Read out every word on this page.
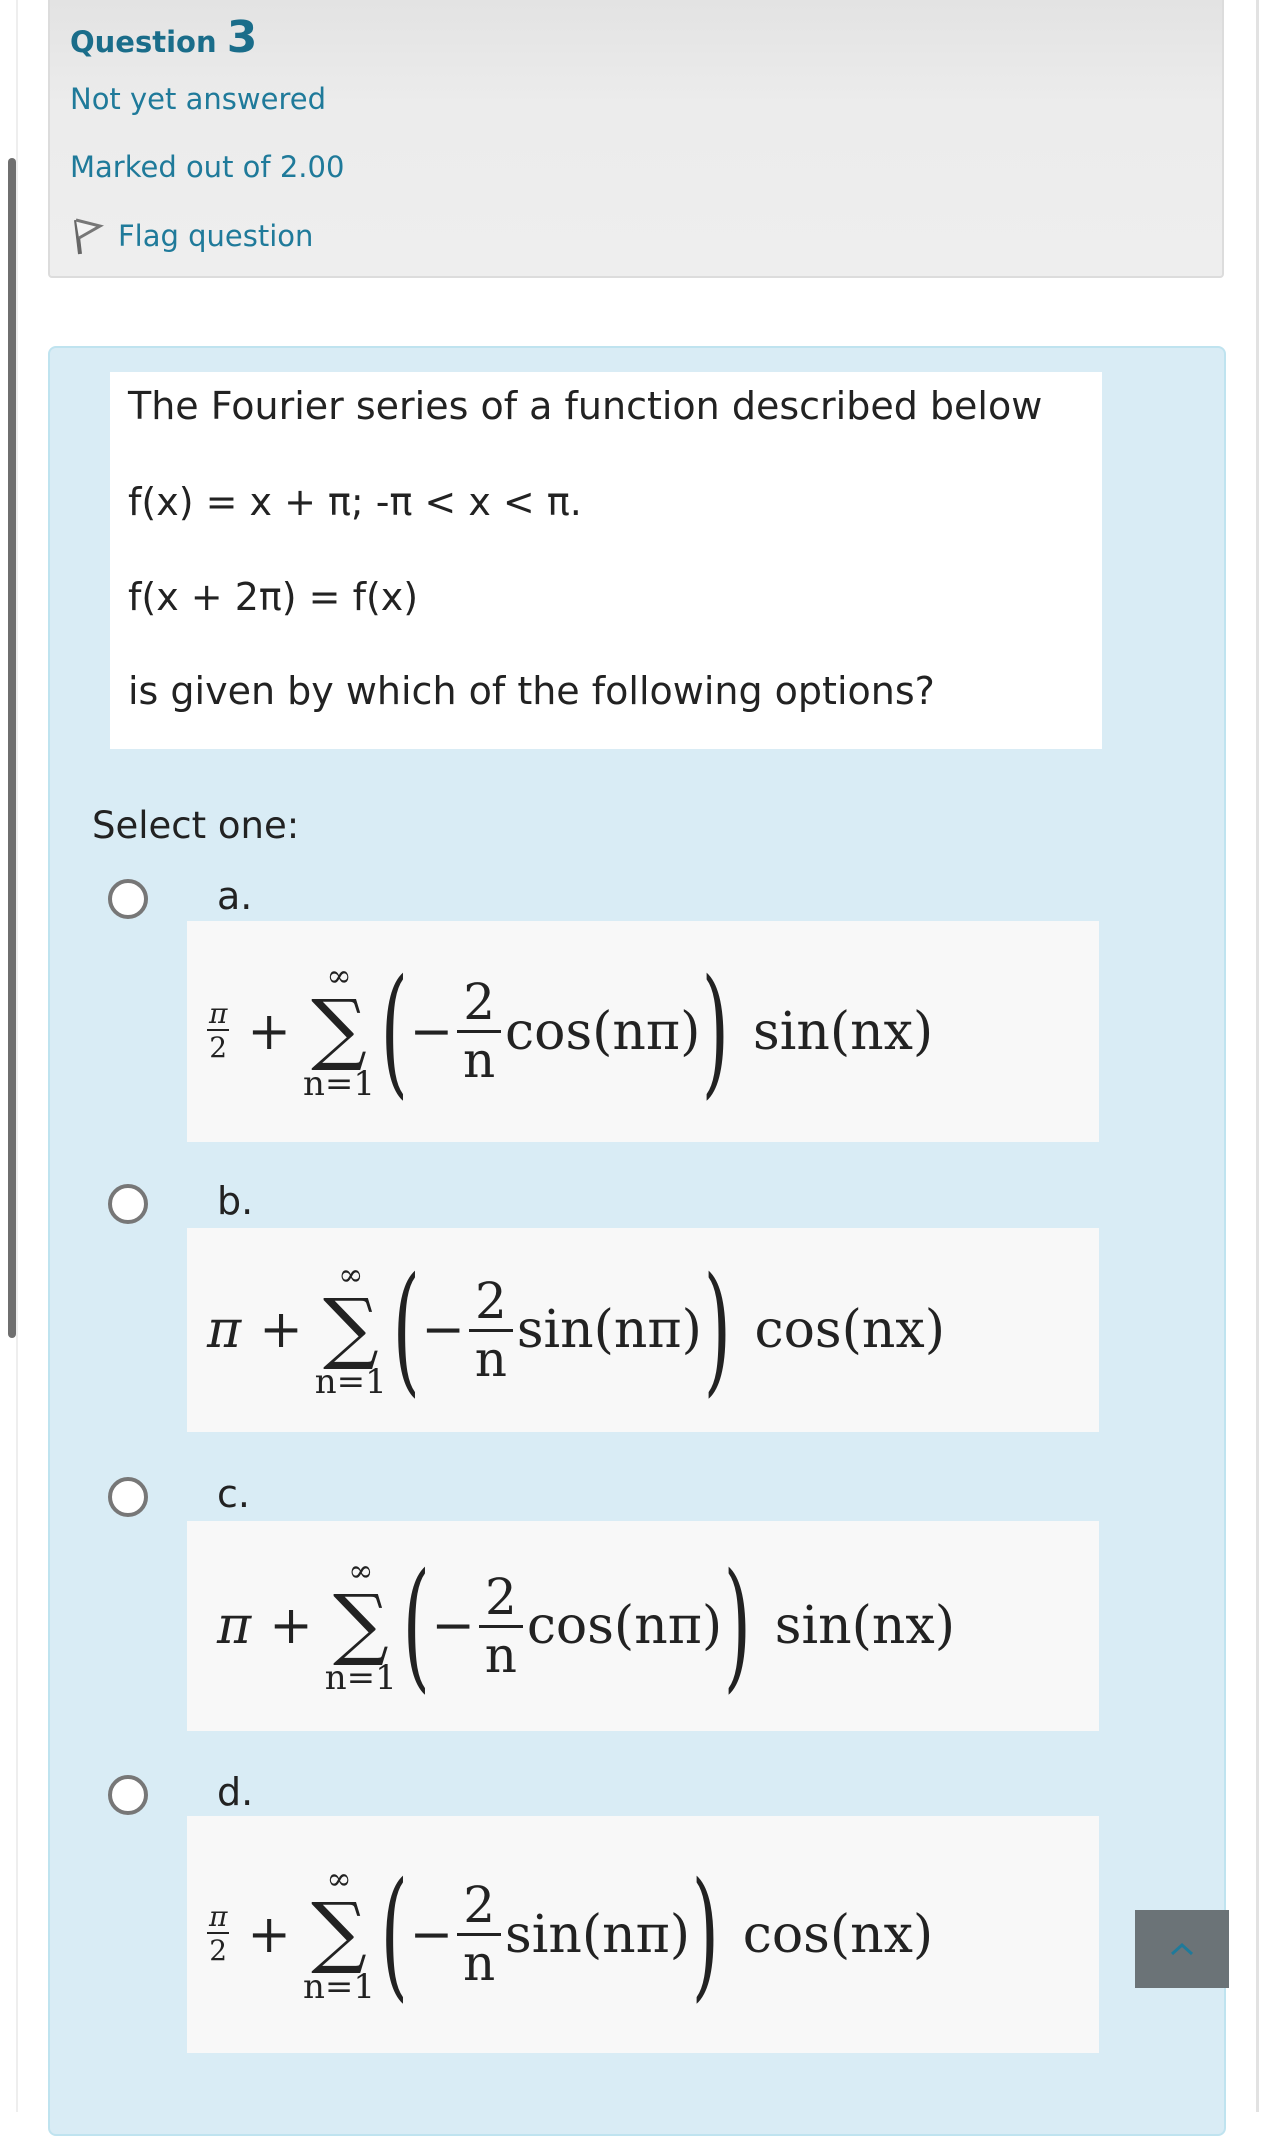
Question 3
Not yet answered
Marked out of 2.00
Flag question
The Fourier series of a function described below
f(x) = x + π; -π < x < π.
f(x + 2π) = f(x)
is given by which of the following options?
Select one:
a.
$\frac{\pi}{2}$ +
∞
∑
n=1 ( − $\frac{2}{n} \cos(n\pi)$ ) sin(nx)
b.
π +
∞
∑
n=1 ( − $\frac{2}{n} \sin(n\pi)$ ) cos(nx)
c.
π +
∞
∑
n=1 ( − $\frac{2}{n} \cos(n\pi)$ ) sin(nx)
d.
$\frac{\pi}{2}$ +
∞
∑
n=1 ( − $\frac{2}{n} \sin(n\pi)$ ) cos(nx)
